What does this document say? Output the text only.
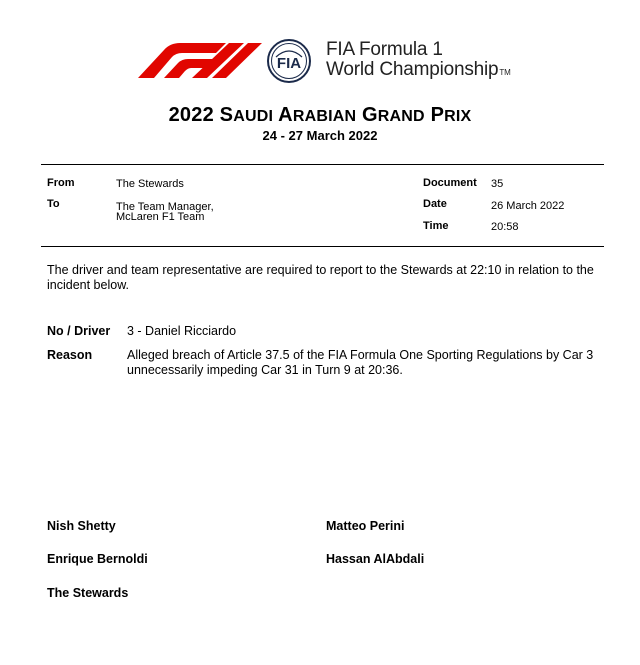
FIA
FIA Formula 1
World ChampionshipTM
2022 SAUDI ARABIAN GRAND PRIX
24 - 27 March 2022
From	The Stewards
To	The Team Manager,
McLaren F1 Team
Document 35
Date	26 March 2022
Time	20:58
The driver and team representative are required to report to the Stewards at 22:10 in relation to the incident below.
No / Driver 3 - Daniel Ricciardo
Reason	Alleged breach of Article 37.5 of the FIA Formula One Sporting Regulations by Car 3 unnecessarily impeding Car 31 in Turn 9 at 20:36.
Nish Shetty	Matteo Perini
Enrique Bernoldi	Hassan AlAbdali
The Stewards
